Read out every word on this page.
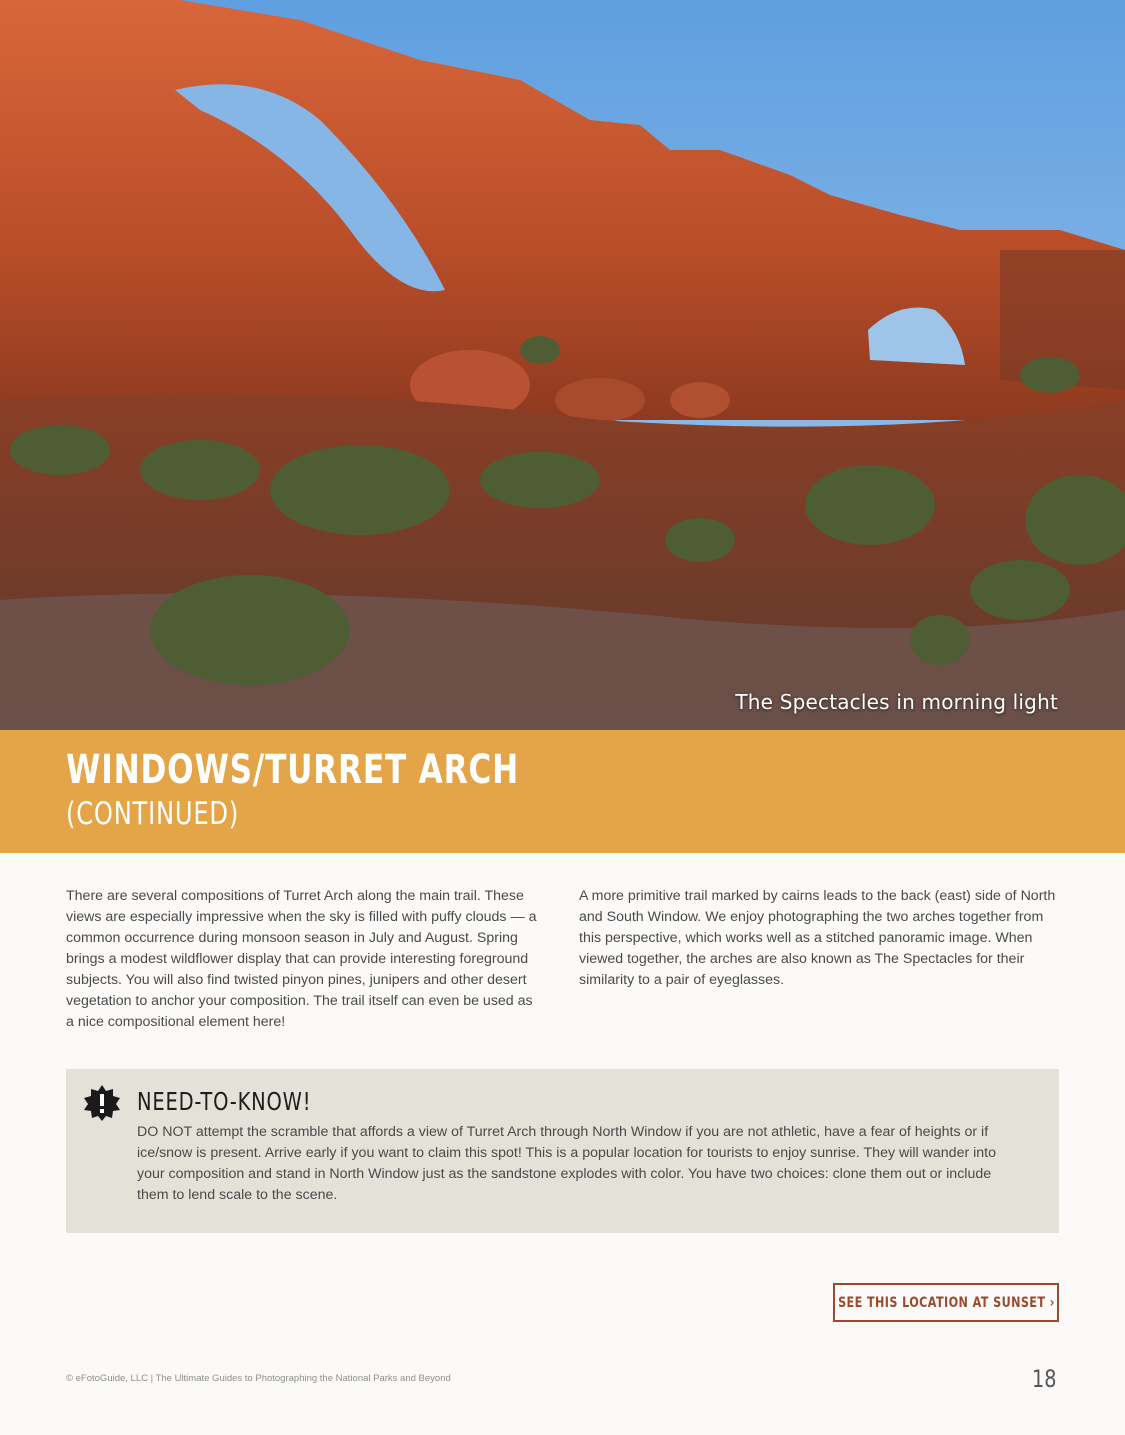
The Spectacles in morning light
WINDOWS/TURRET ARCH
(CONTINUED)
There are several compositions of Turret Arch along the main trail. These views are especially impressive when the sky is filled with puffy clouds — a common occurrence during monsoon season in July and August. Spring brings a modest wildflower display that can provide interesting foreground subjects. You will also find twisted pinyon pines, junipers and other desert vegetation to anchor your composition. The trail itself can even be used as a nice compositional element here!
A more primitive trail marked by cairns leads to the back (east) side of North and South Window. We enjoy photographing the two arches together from this perspective, which works well as a stitched panoramic image. When viewed together, the arches are also known as The Spectacles for their similarity to a pair of eyeglasses.
NEED-TO-KNOW!
DO NOT attempt the scramble that affords a view of Turret Arch through North Window if you are not athletic, have a fear of heights or if ice/snow is present. Arrive early if you want to claim this spot! This is a popular location for tourists to enjoy sunrise. They will wander into your composition and stand in North Window just as the sandstone explodes with color. You have two choices: clone them out or include them to lend scale to the scene.
SEE THIS LOCATION AT SUNSET ›
© eFotoGuide, LLC | The Ultimate Guides to Photographing the National Parks and Beyond	18
